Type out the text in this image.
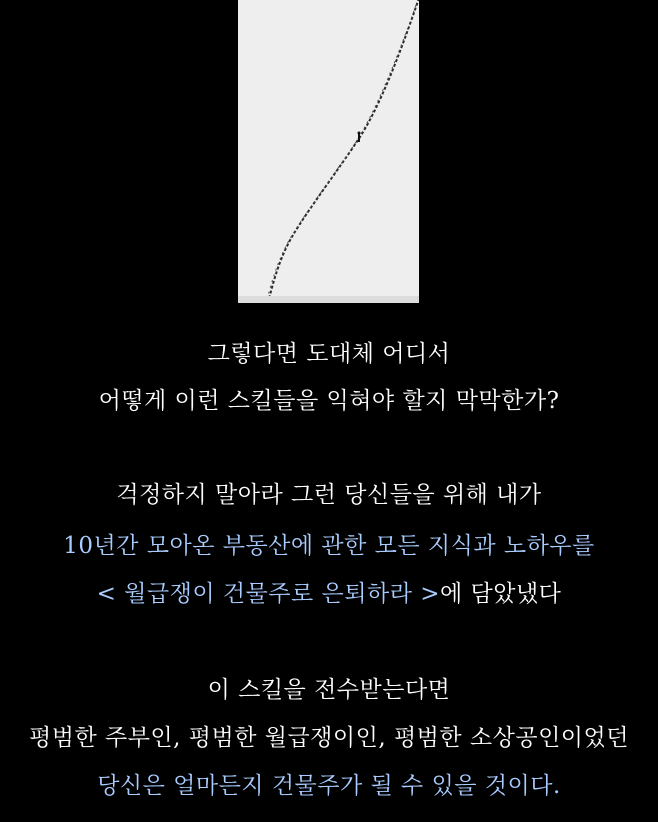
그렇다면 도대체 어디서
어떻게 이런 스킬들을 익혀야 할지 막막한가?
걱정하지 말아라 그런 당신들을 위해 내가
10년간 모아온 부동산에 관한 모든 지식과 노하우를
< 월급쟁이 건물주로 은퇴하라 >에 담았냈다
이 스킬을 전수받는다면
평범한 주부인, 평범한 월급쟁이인, 평범한 소상공인이었던
당신은 얼마든지 건물주가 될 수 있을 것이다.
